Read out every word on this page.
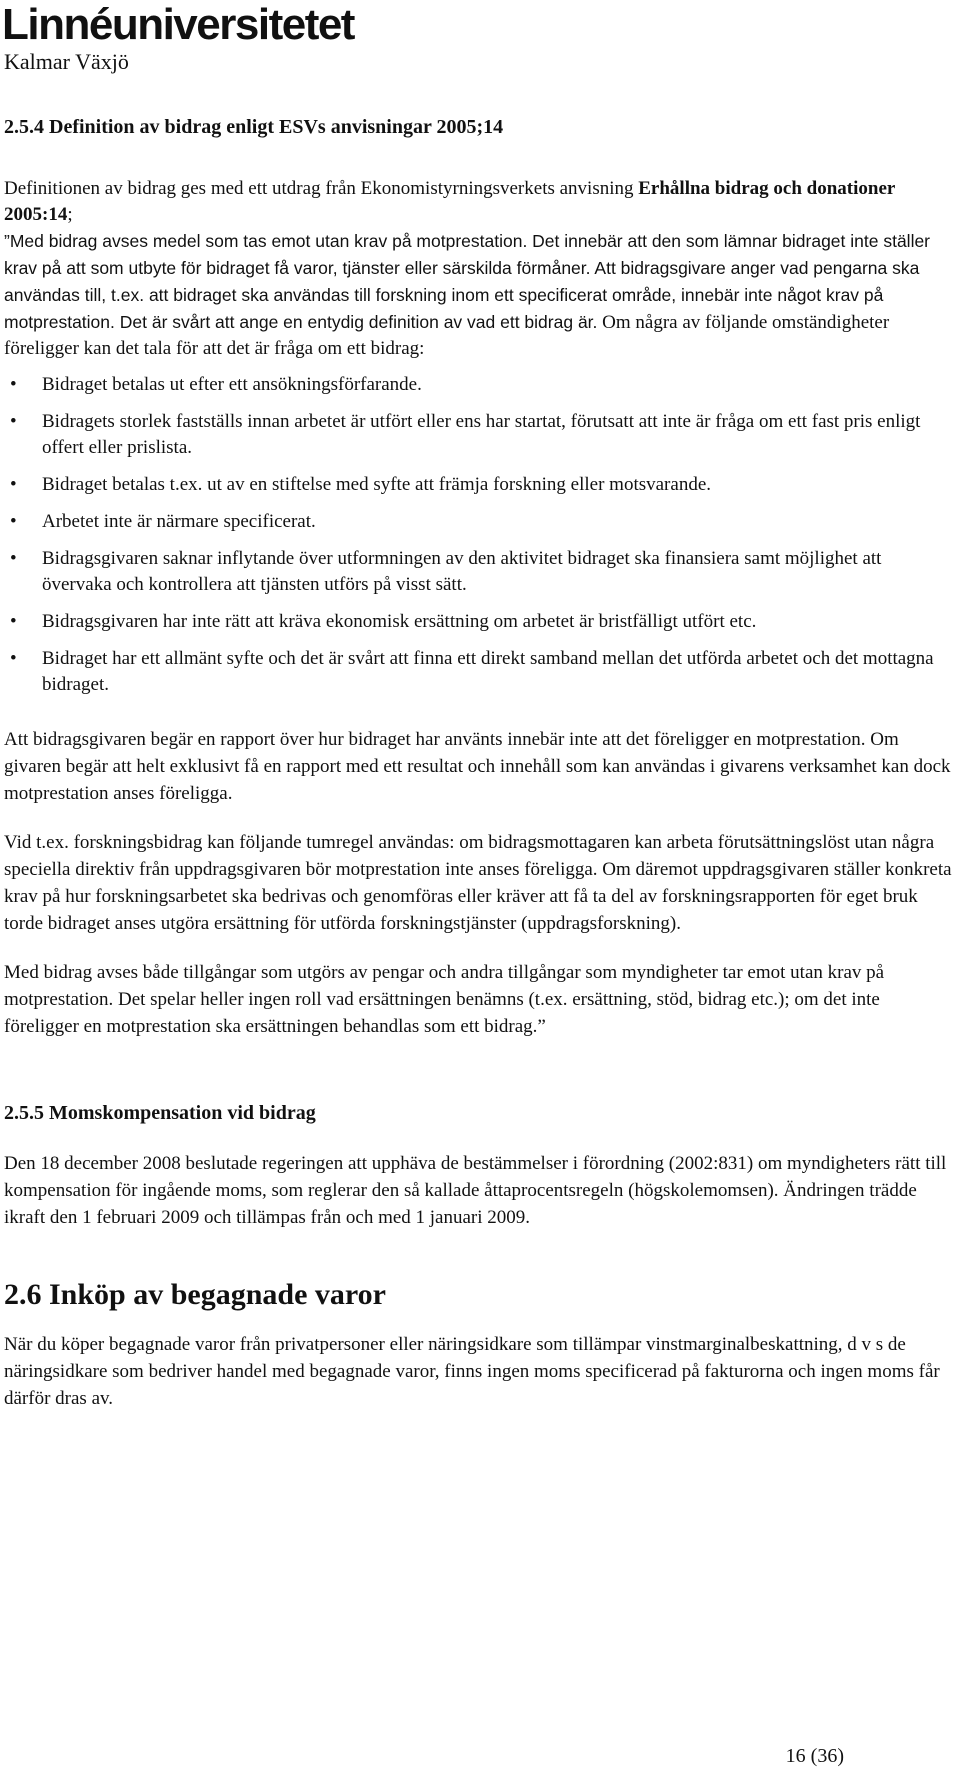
Linnéuniversitetet
Kalmar Växjö
2.5.4 Definition av bidrag enligt ESVs anvisningar 2005;14

Definitionen av bidrag ges med ett utdrag från Ekonomistyrningsverkets anvisning Erhållna bidrag och donationer 2005:14;
”Med bidrag avses medel som tas emot utan krav på motprestation. Det innebär att den som lämnar bidraget inte ställer krav på att som utbyte för bidraget få varor, tjänster eller särskilda förmåner. Att bidragsgivare anger vad pengarna ska användas till, t.ex. att bidraget ska användas till forskning inom ett specificerat område, innebär inte något krav på motprestation. Det är svårt att ange en entydig definition av vad ett bidrag är. Om några av följande omständigheter föreligger kan det tala för att det är fråga om ett bidrag:

• Bidraget betalas ut efter ett ansökningsförfarande.
• Bidragets storlek fastställs innan arbetet är utfört eller ens har startat, förutsatt att inte är fråga om ett fast pris enligt offert eller prislista.
• Bidraget betalas t.ex. ut av en stiftelse med syfte att främja forskning eller motsvarande.
• Arbetet inte är närmare specificerat.
• Bidragsgivaren saknar inflytande över utformningen av den aktivitet bidraget ska finansiera samt möjlighet att övervaka och kontrollera att tjänsten utförs på visst sätt.
• Bidragsgivaren har inte rätt att kräva ekonomisk ersättning om arbetet är bristfälligt utfört etc.
• Bidraget har ett allmänt syfte och det är svårt att finna ett direkt samband mellan det utförda arbetet och det mottagna bidraget.

Att bidragsgivaren begär en rapport över hur bidraget har använts innebär inte att det föreligger en motprestation. Om givaren begär att helt exklusivt få en rapport med ett resultat och innehåll som kan användas i givarens verksamhet kan dock motprestation anses föreligga.

Vid t.ex. forskningsbidrag kan följande tumregel användas: om bidragsmottagaren kan arbeta förutsättningslöst utan några speciella direktiv från uppdragsgivaren bör motprestation inte anses föreligga. Om däremot uppdragsgivaren ställer konkreta krav på hur forskningsarbetet ska bedrivas och genomföras eller kräver att få ta del av forskningsrapporten för eget bruk torde bidraget anses utgöra ersättning för utförda forskningstjänster (uppdragsforskning).

Med bidrag avses både tillgångar som utgörs av pengar och andra tillgångar som myndigheter tar emot utan krav på motprestation. Det spelar heller ingen roll vad ersättningen benämns (t.ex. ersättning, stöd, bidrag etc.); om det inte föreligger en motprestation ska ersättningen behandlas som ett bidrag.”

2.5.5 Momskompensation vid bidrag

Den 18 december 2008 beslutade regeringen att upphäva de bestämmelser i förordning (2002:831) om myndigheters rätt till kompensation för ingående moms, som reglerar den så kallade åttaprocentsregeln (högskolemomsen). Ändringen trädde ikraft den 1 februari 2009 och tillämpas från och med 1 januari 2009.

2.6 Inköp av begagnade varor

När du köper begagnade varor från privatpersoner eller näringsidkare som tillämpar vinstmarginalbeskattning, d v s de näringsidkare som bedriver handel med begagnade varor, finns ingen moms specificerad på fakturorna och ingen moms får därför dras av.

16 (36)
